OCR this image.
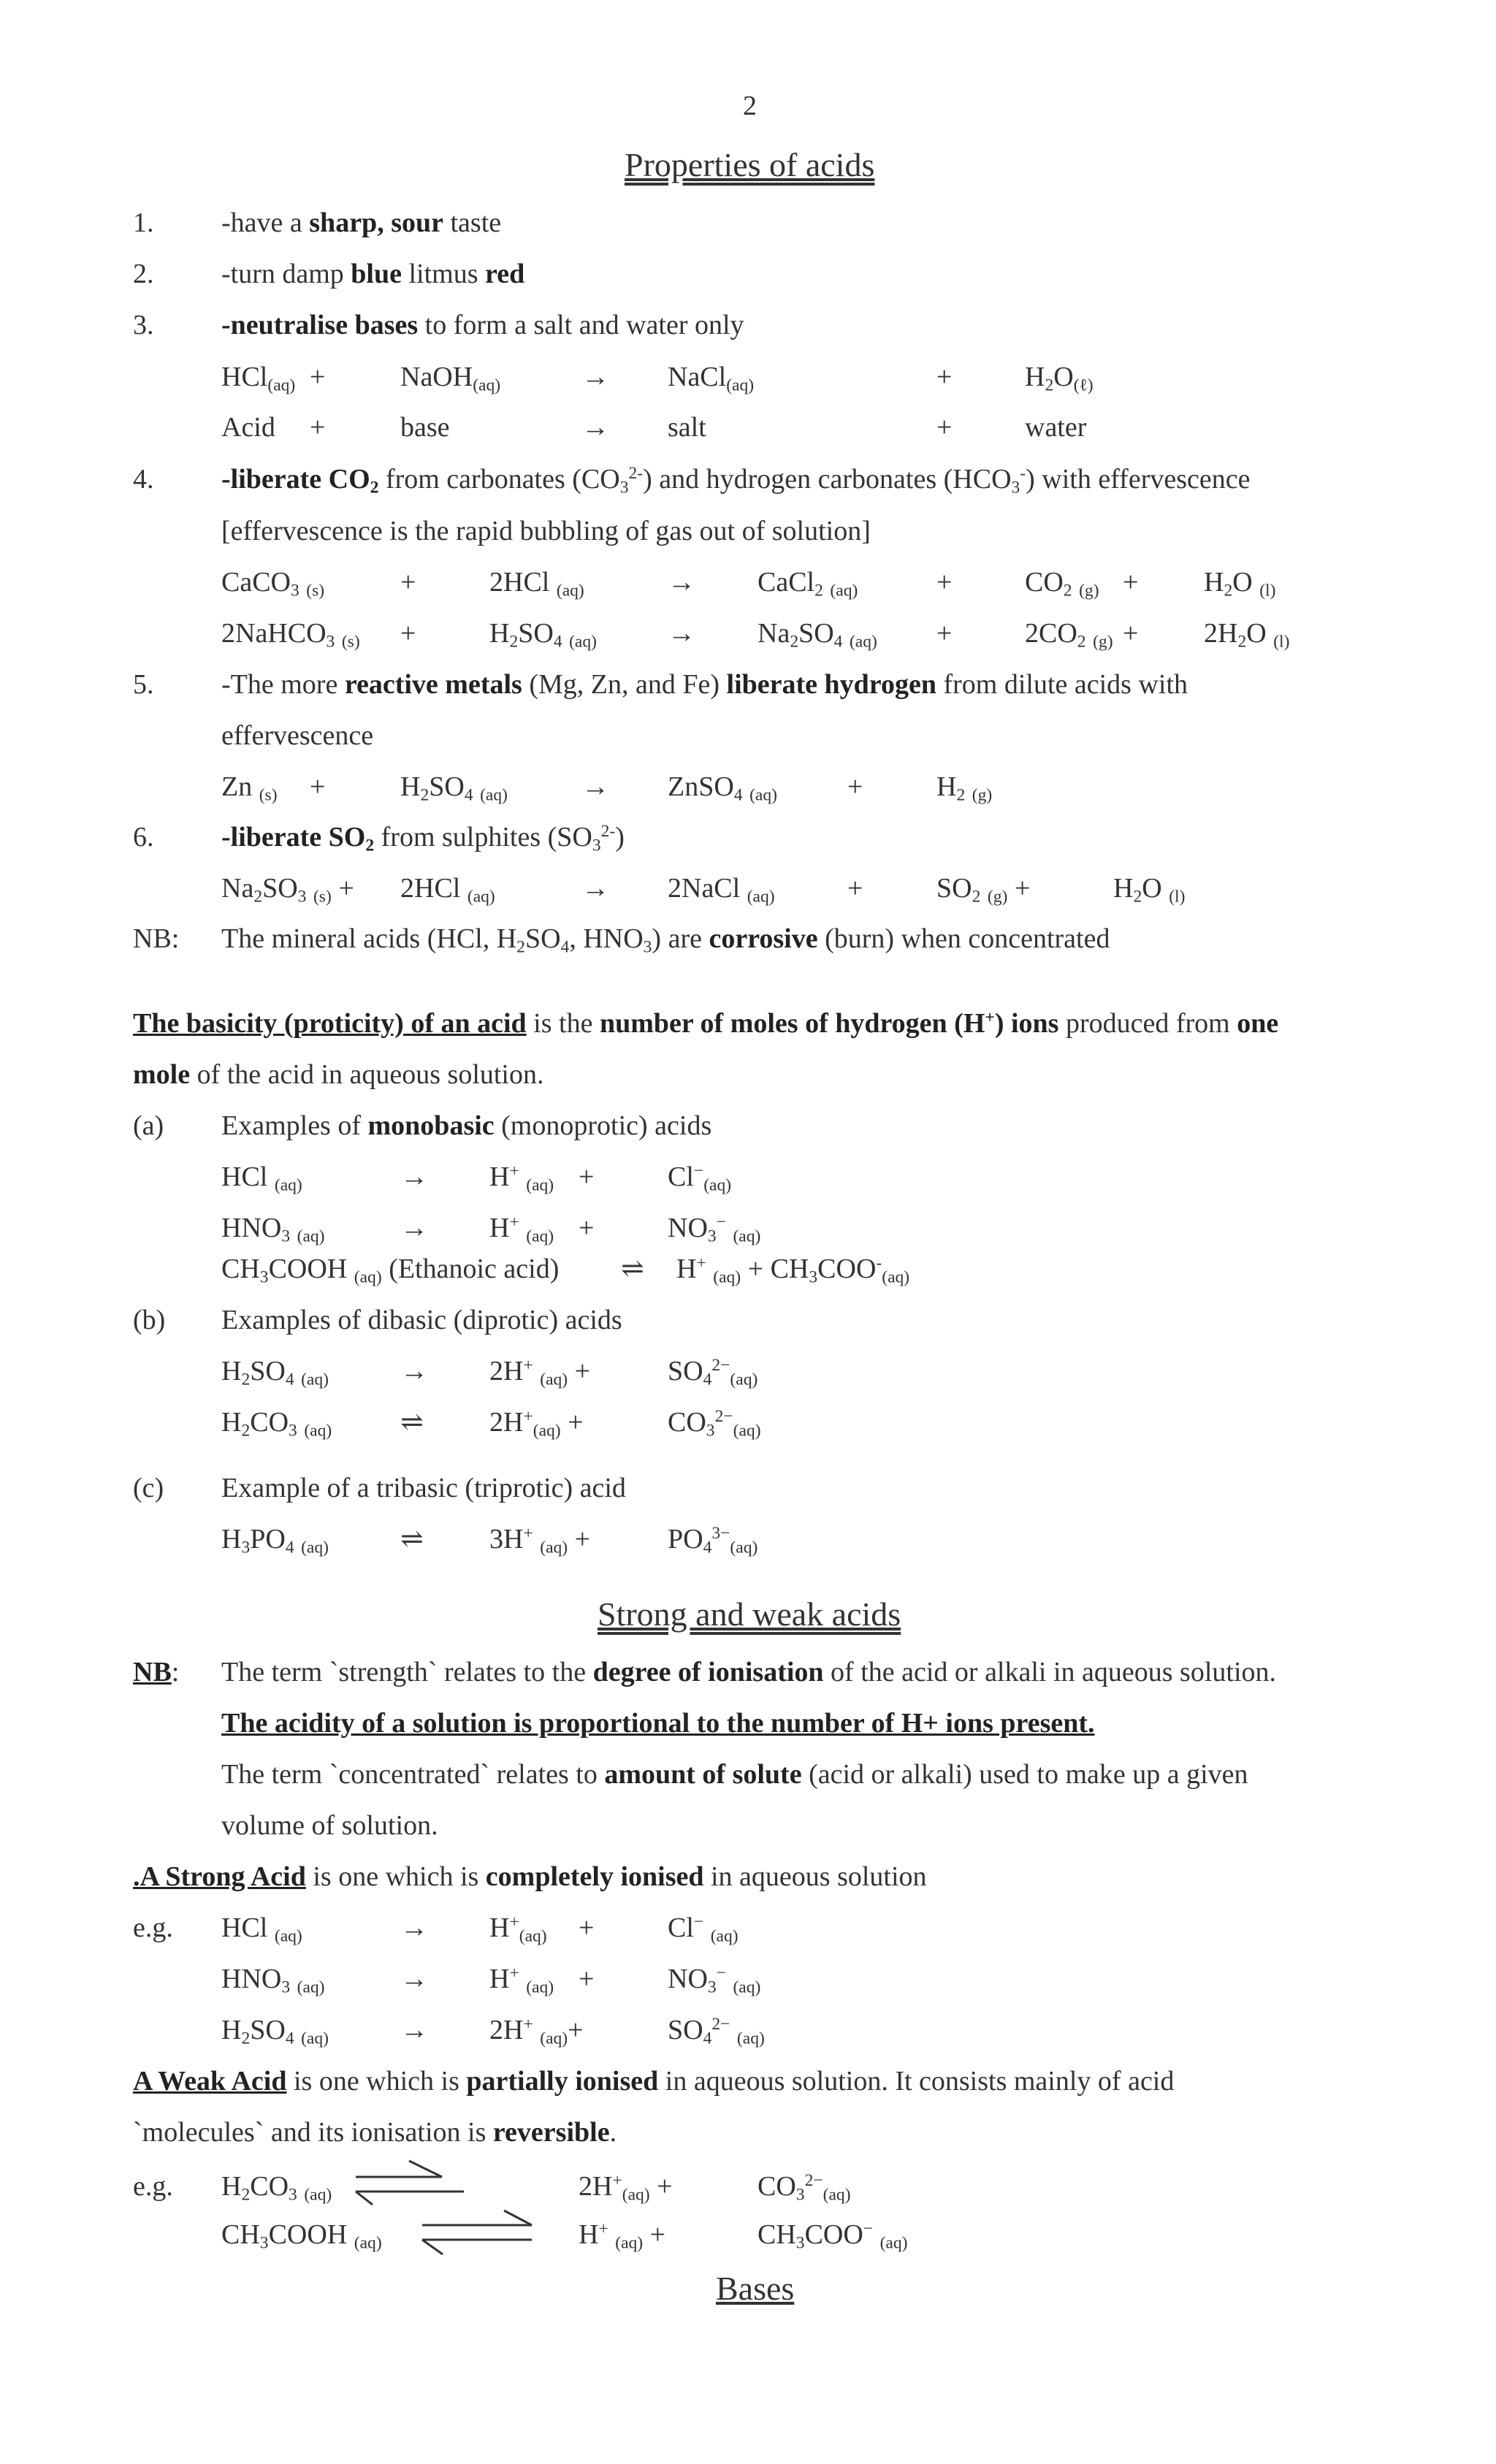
2
Properties of acids
1. -have a sharp, sour taste
2. -turn damp blue litmus red
3. -neutralise bases to form a salt and water only
HCl$_{(aq)}$ +	NaOH$_{(aq)}$	→ NaCl$_{(aq)}$	+	$H_2O_{(\ell)}$
Acid +	base	→ salt	+	water
4. -liberate $CO_2$ from carbonates $(CO_3^{2-})$ and hydrogen carbonates $(HCO_3^-)$ with effervescence
[effervescence is the rapid bubbling of gas out of solution]
CaCO$_3$ $_{(s)}$	+	2HCl $_{(aq)}$	→ CaCl$_2$ $_{(aq)}$	+	$CO_2$ $_{(g)} + H_2O$ $_{(l)}$
2NaHCO$_3$ $_{(s)}$ +	$H_2SO_4$ $_{(aq)}$	→ $Na_2SO_4$ $_{(aq)}$ +	$2CO_2$ $_{(g)} + 2H_2O$ $_{(l)}$
5. -The more reactive metals (Mg, Zn, and Fe) liberate hydrogen from dilute acids with
effervescence
Zn $_{(s)}$ +	$H_2SO_4$ $_{(aq)}$	→ ZnSO$_4$ $_{(aq)}$	+	$H_2$ $_{(g)}$
6. -liberate $SO_2$ from sulphites $(SO_3^{2-})$
$Na_2SO_3$ $_{(s)}$ + 2HCl $_{(aq)}$	→ 2NaCl $_{(aq)}$	+	$SO_2$ $_{(g)}$ +	$H_2O$ $_{(l)}$
NB: The mineral acids (HCl, $H_2SO_4$, $HNO_3$) are corrosive (burn) when concentrated
The basicity (proticity) of an acid is the number of moles of hydrogen (H+) ions produced from one
mole of the acid in aqueous solution.
(a) Examples of monobasic (monoprotic) acids
HCl $_{(aq)}$	→ H+ $_{(aq)}$ +	$Cl^-_{(aq)}$
$HNO_3$ $_{(aq)}$	→ H+ $_{(aq)}$ +	$NO_3^-$ $_{(aq)}$
$CH_3COOH$ $_{(aq)}$ (Ethanoic acid) ⇌ H+ $_{(aq)} + CH_3COO^-_{(aq)}$
(b) Examples of dibasic (diprotic) acids
$H_2SO_4$ $_{(aq)}$	→ 2H+ $_{(aq)}$ +	$SO_4^{2-}_{(aq)}$
$H_2CO_3$ $_{(aq)}$ ⇌ $2H^+_{(aq)}$ +	$CO_3^{2-}_{(aq)}$
(c) Example of a tribasic (triprotic) acid
$H_3PO_4$ $_{(aq)}$	⇌ 3H+ $_{(aq)}$ +	$PO_4^{3-}_{(aq)}$
Strong and weak acids
NB: The term `strength` relates to the degree of ionisation of the acid or alkali in aqueous solution.
The acidity of a solution is proportional to the number of H+ ions present.
The term `concentrated` relates to amount of solute (acid or alkali) used to make up a given
volume of solution.
.A Strong Acid is one which is completely ionised in aqueous solution
e.g. HCl $_{(aq)}$	→ $H^+_{(aq)}$ +	Cl− $_{(aq)}$
$HNO_3$ $_{(aq)}$	→ H+ $_{(aq)}$ +	$NO_3^-$ $_{(aq)}$
$H_2SO_4$ $_{(aq)}$	→ 2H+ $_{(aq)}$+	$SO_4^{2-}$ $_{(aq)}$
A Weak Acid is one which is partially ionised in aqueous solution. It consists mainly of acid
`molecules` and its ionisation is reversible.
e.g. $H_2CO_3$ $_{(aq)}$	$2H^+_{(aq)}$ +	$CO_3^{2-}_{(aq)}$
$CH_3COOH$ $_{(aq)}$	H+ $_{(aq)}$ +	$CH_3COO^-$ $_{(aq)}$
Bases
